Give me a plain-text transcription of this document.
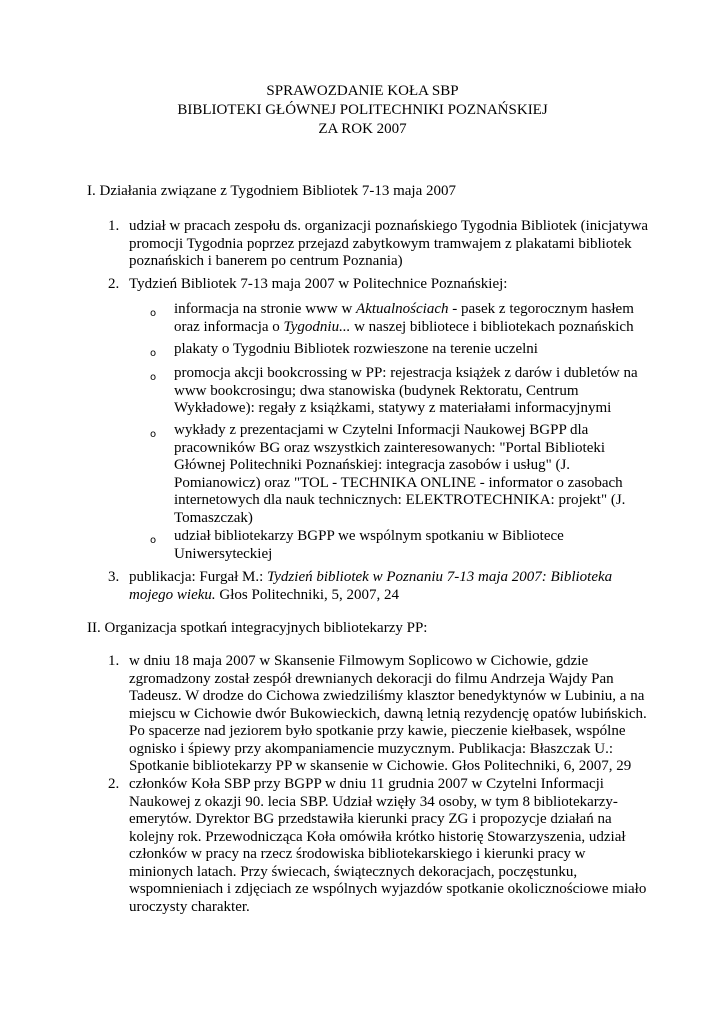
SPRAWOZDANIE KOŁA SBP
BIBLIOTEKI GŁÓWNEJ POLITECHNIKI POZNAŃSKIEJ
ZA ROK 2007
I. Działania związane z Tygodniem Bibliotek 7-13 maja 2007
1. udział w pracach zespołu ds. organizacji poznańskiego Tygodnia Bibliotek (inicjatywa promocji Tygodnia poprzez przejazd zabytkowym tramwajem z plakatami bibliotek poznańskich i banerem po centrum Poznania)
2. Tydzień Bibliotek 7-13 maja 2007 w Politechnice Poznańskiej:
o informacja na stronie www w Aktualnościach - pasek z tegorocznym hasłem oraz informacja o Tygodniu... w naszej bibliotece i bibliotekach poznańskich
o plakaty o Tygodniu Bibliotek rozwieszone na terenie uczelni
o promocja akcji bookcrossing w PP: rejestracja książek z darów i dubletów na www bookcrosingu; dwa stanowiska (budynek Rektoratu, Centrum Wykładowe): regały z książkami, statywy z materiałami informacyjnymi
o wykłady z prezentacjami w Czytelni Informacji Naukowej BGPP dla pracowników BG oraz wszystkich zainteresowanych: "Portal Biblioteki Głównej Politechniki Poznańskiej: integracja zasobów i usług" (J. Pomianowicz) oraz "TOL - TECHNIKA ONLINE - informator o zasobach internetowych dla nauk technicznych: ELEKTROTECHNIKA: projekt" (J. Tomaszczak)
o udział bibliotekarzy BGPP we wspólnym spotkaniu w Bibliotece Uniwersyteckiej
3. publikacja: Furgał M.: Tydzień bibliotek w Poznaniu 7-13 maja 2007: Biblioteka mojego wieku. Głos Politechniki, 5, 2007, 24
II. Organizacja spotkań integracyjnych bibliotekarzy PP:
1. w dniu 18 maja 2007 w Skansenie Filmowym Soplicowo w Cichowie, gdzie zgromadzony został zespół drewnianych dekoracji do filmu Andrzeja Wajdy Pan Tadeusz. W drodze do Cichowa zwiedziliśmy klasztor benedyktynów w Lubiniu, a na miejscu w Cichowie dwór Bukowieckich, dawną letnią rezydencję opatów lubińskich. Po spacerze nad jeziorem było spotkanie przy kawie, pieczenie kiełbasek, wspólne ognisko i śpiewy przy akompaniamencie muzycznym. Publikacja: Błaszczak U.: Spotkanie bibliotekarzy PP w skansenie w Cichowie. Głos Politechniki, 6, 2007, 29
2. członków Koła SBP przy BGPP w dniu 11 grudnia 2007 w Czytelni Informacji Naukowej z okazji 90. lecia SBP. Udział wzięły 34 osoby, w tym 8 bibliotekarzy-emerytów. Dyrektor BG przedstawiła kierunki pracy ZG i propozycje działań na kolejny rok. Przewodnicząca Koła omówiła krótko historię Stowarzyszenia, udział członków w pracy na rzecz środowiska bibliotekarskiego i kierunki pracy w minionych latach. Przy świecach, świątecznych dekoracjach, poczęstunku, wspomnieniach i zdjęciach ze wspólnych wyjazdów spotkanie okolicznościowe miało uroczysty charakter.
